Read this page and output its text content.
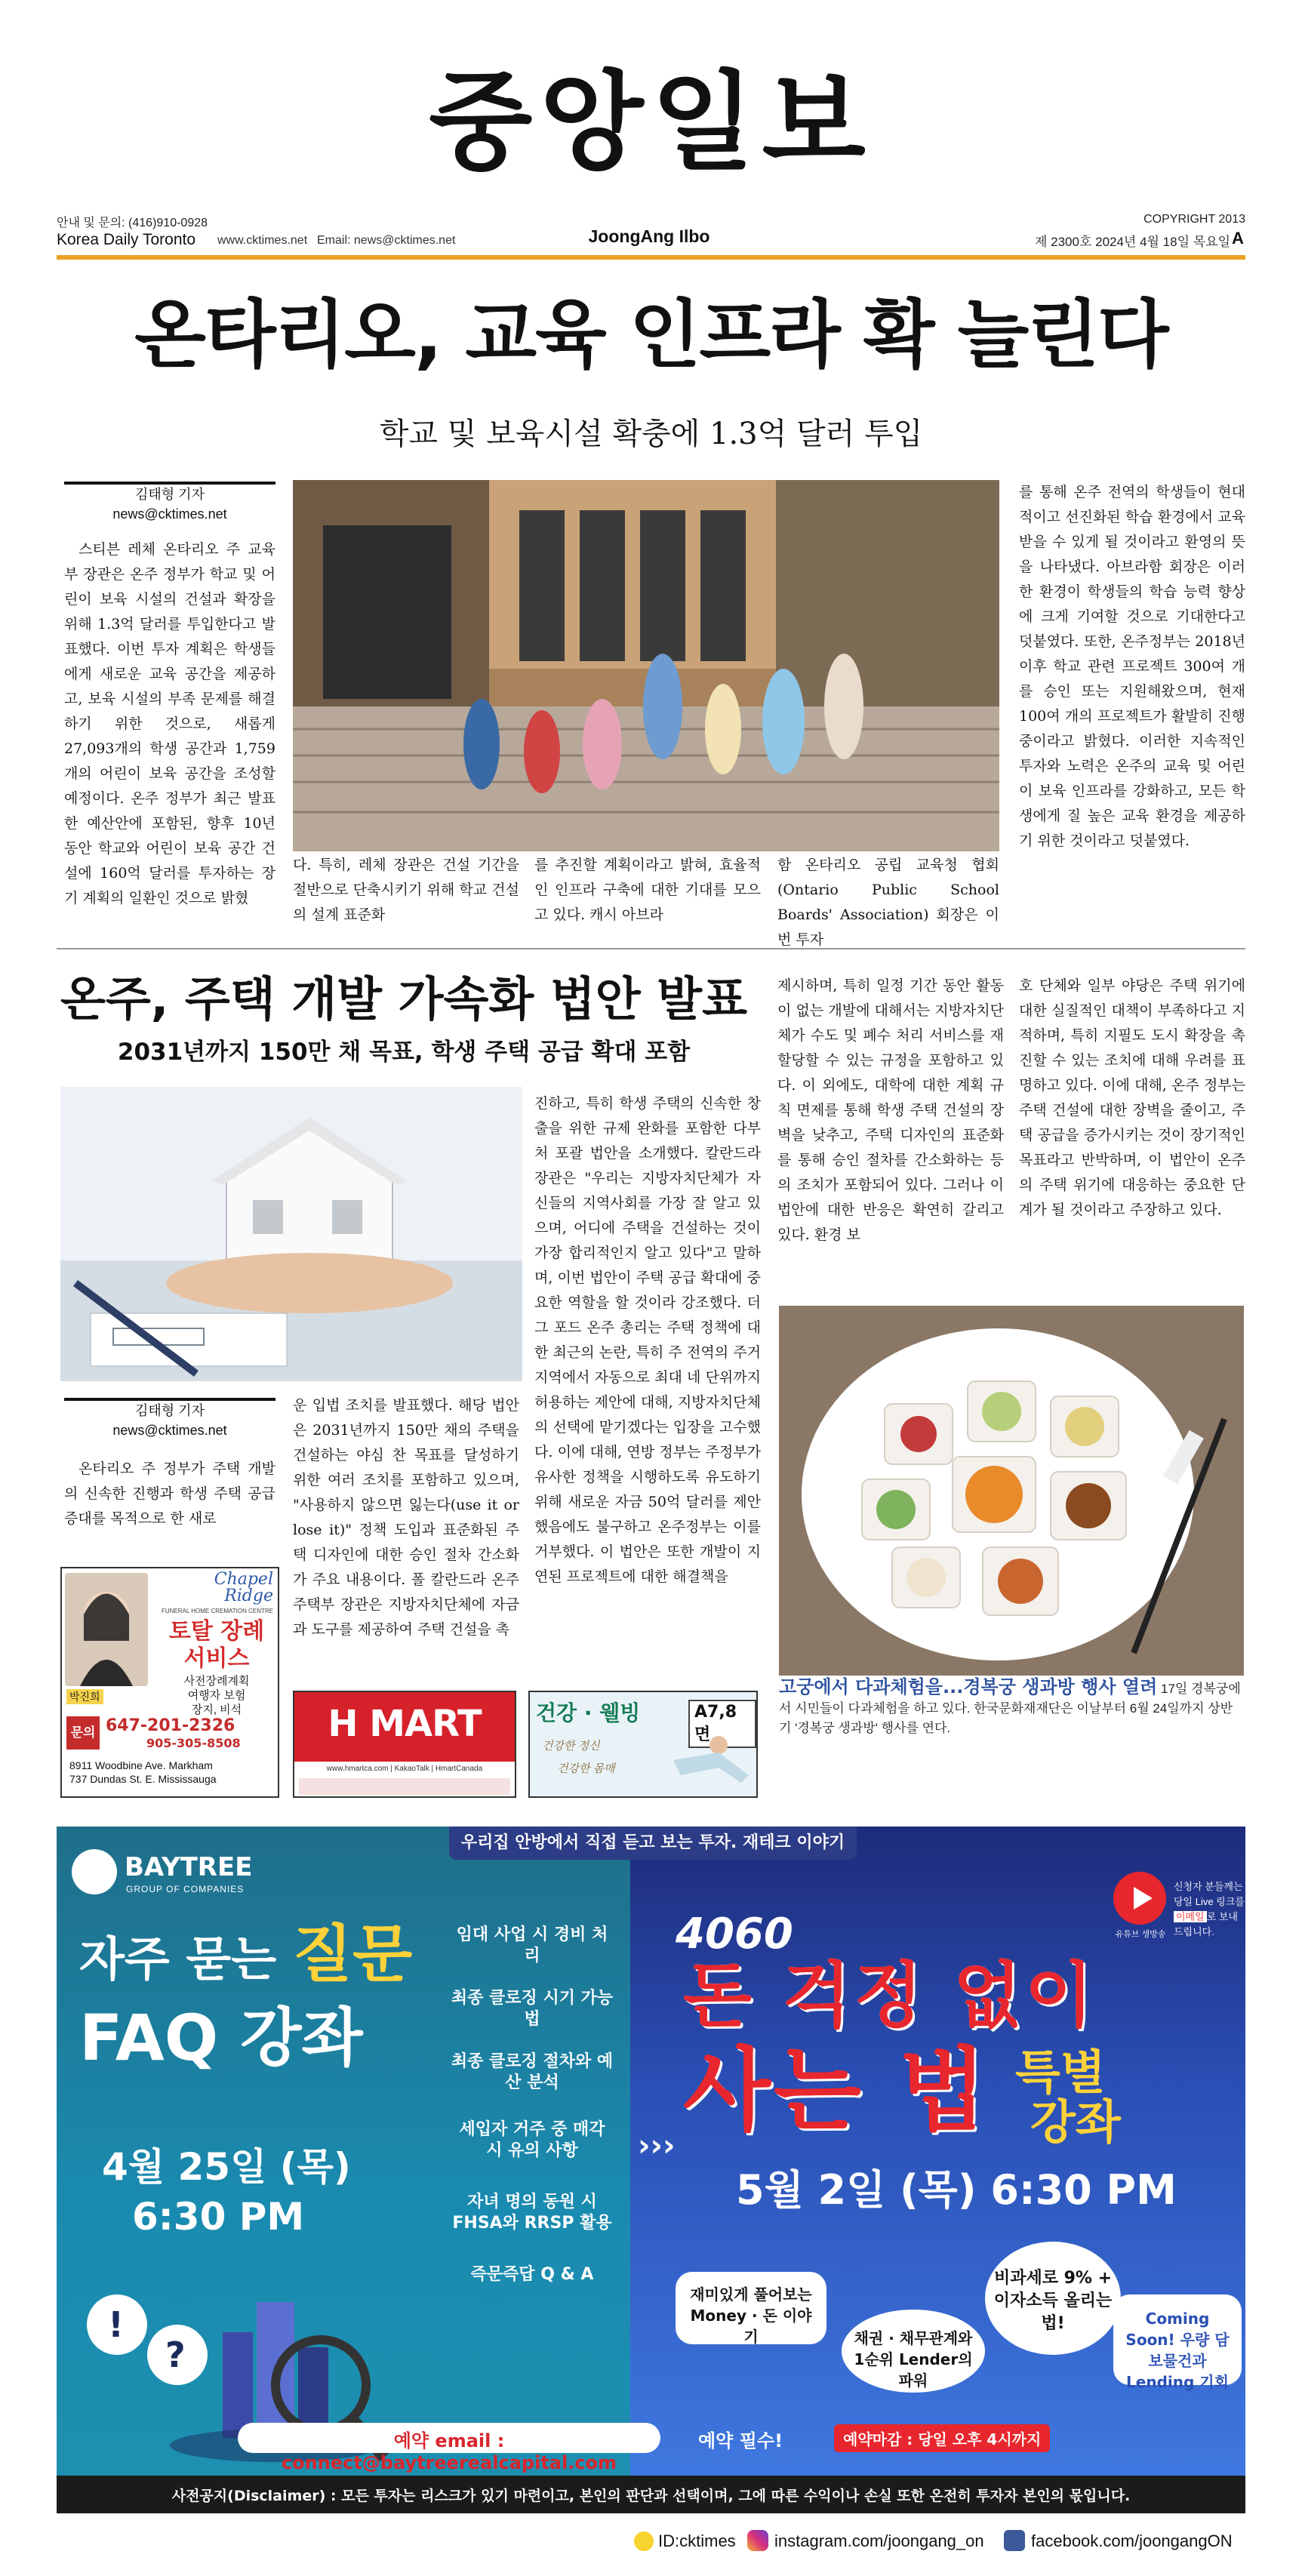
중앙일보
안내 및 문의: (416)910-0928
Korea Daily Toronto www.cktimes.net Email: news@cktimes.net	JoongAng Ilbo
COPYRIGHT 2013
제 2300호 2024년 4월 18일 목요일 A
온타리오, 교육 인프라 확 늘린다
학교 및 보육시설 확충에 1.3억 달러 투입
김태형 기자
news@cktimes.net

스티븐 레체 온타리오 주 교육부 장관은 온주 정부가 학교 및 어린이 보육 시설의 건설과 확장을 위해 1.3억 달러를 투입한다고 발표했다. 이번 투자 계획은 학생들에게 새로운 교육 공간을 제공하고, 보육 시설의 부족 문제를 해결하기 위한 것으로, 새롭게 27,093개의 학생 공간과 1,759개의 어린이 보육 공간을 조성할 예정이다. 온주 정부가 최근 발표한 예산안에 포함된, 향후 10년 동안 학교와 어린이 보육 공간 건설에 160억 달러를 투자하는 장기 계획의 일환인 것으로 밝혔

다. 특히, 레체 장관은 건설 기간을 절반으로 단축시키기 위해 학교 건설의 설계 표준화

를 추진할 계획이라고 밝혀, 효율적인 인프라 구축에 대한 기대를 모으고 있다. 캐시 아브라

함 온타리오 공립 교육청 협회 (Ontario Public School Boards' Association) 회장은 이번 투자

를 통해 온주 전역의 학생들이 현대적이고 선진화된 학습 환경에서 교육받을 수 있게 될 것이라고 환영의 뜻을 나타냈다. 아브라함 회장은 이러한 환경이 학생들의 학습 능력 향상에 크게 기여할 것으로 기대한다고 덧붙였다. 또한, 온주정부는 2018년 이후 학교 관련 프로젝트 300여 개를 승인 또는 지원해왔으며, 현재 100여 개의 프로젝트가 활발히 진행 중이라고 밝혔다. 이러한 지속적인 투자와 노력은 온주의 교육 및 어린이 보육 인프라를 강화하고, 모든 학생에게 질 높은 교육 환경을 제공하기 위한 것이라고 덧붙였다.

온주, 주택 개발 가속화 법안 발표
2031년까지 150만 채 목표, 학생 주택 공급 확대 포함
김태형 기자
news@cktimes.net

온타리오 주 정부가 주택 개발의 신속한 진행과 학생 주택 공급 증대를 목적으로 한 새로

운 입법 조치를 발표했다. 해당 법안은 2031년까지 150만 채의 주택을 건설하는 야심 찬 목표를 달성하기 위한 여러 조치를 포함하고 있으며, "사용하지 않으면 잃는다(use it or lose it)" 정책 도입과 표준화된 주택 디자인에 대한 승인 절차 간소화가 주요 내용이다. 폴 칼란드라 온주 주택부 장관은 지방자치단체에 자금과 도구를 제공하여 주택 건설을 촉

진하고, 특히 학생 주택의 신속한 창출을 위한 규제 완화를 포함한 다부처 포괄 법안을 소개했다. 칼란드라 장관은 "우리는 지방자치단체가 자신들의 지역사회를 가장 잘 알고 있으며, 어디에 주택을 건설하는 것이 가장 합리적인지 알고 있다"고 말하며, 이번 법안이 주택 공급 확대에 중요한 역할을 할 것이라 강조했다. 더그 포드 온주 총리는 주택 정책에 대한 최근의 논란, 특히 주 전역의 주거지역에서 자동으로 최대 네 단위까지 허용하는 제안에 대해, 지방자치단체의 선택에 맡기겠다는 입장을 고수했다. 이에 대해, 연방 정부는 주정부가 유사한 정책을 시행하도록 유도하기 위해 새로운 자금 50억 달러를 제안했음에도 불구하고 온주정부는 이를 거부했다. 이 법안은 또한 개발이 지연된 프로젝트에 대한 해결책을

제시하며, 특히 일정 기간 동안 활동이 없는 개발에 대해서는 지방자치단체가 수도 및 폐수 처리 서비스를 재할당할 수 있는 규정을 포함하고 있다. 이 외에도, 대학에 대한 계획 규칙 면제를 통해 학생 주택 건설의 장벽을 낮추고, 주택 디자인의 표준화를 통해 승인 절차를 간소화하는 등의 조치가 포함되어 있다. 그러나 이 법안에 대한 반응은 확연히 갈리고 있다. 환경 보

호 단체와 일부 야당은 주택 위기에 대한 실질적인 대책이 부족하다고 지적하며, 특히 지필도 도시 확장을 촉진할 수 있는 조치에 대해 우려를 표명하고 있다. 이에 대해, 온주 정부는 주택 건설에 대한 장벽을 줄이고, 주택 공급을 증가시키는 것이 장기적인 목표라고 반박하며, 이 법안이 온주의 주택 위기에 대응하는 중요한 단계가 될 것이라고 주장하고 있다.

고궁에서 다과체험을...경복궁 생과방 행사 열려 17일 경복궁에서 시민들이 다과체험을 하고 있다. 한국문화재재단은 이날부터 6월 24일까지 상반기 '경복궁 생과방' 행사를 연다.
Chapel
Ridge
FUNERAL HOME CREMATION CENTRE
토탈 장례
서비스
사전장례계획
여행자 보험
장지, 비석
박진희
문의 647-201-2326
905-305-8508
8911 Woodbine Ave. Markham
737 Dundas St. E. Mississauga
H MART
www.hmartca.com | KakaoTalk | HmartCanada
건강 · 웰빙	A7,8면
건강한 정신
건강한 몸매
우리집 안방에서 직접 듣고 보는 투자. 재테크 이야기
BAYTREE
GROUP OF COMPANIES
자주 묻는 질문
FAQ 강좌
4월 25일 (목)
6:30 PM
임대 사업 시 경비 처리
최종 클로징 시기 가능법
최종 클로징 절차와 예산 분석
세입자 거주 중 매각 시 유의 사항
자녀 명의 동원 시 FHSA와 RRSP 활용
즉문즉답 Q & A
!
?
›››
4060
돈 걱정 없이
사는 법 특별
강좌
5월 2일 (목) 6:30 PM
유튜브 생방송
신청자 분들께는
당일 Live 링크를
이메일 로 보내드립니다.
재미있게 풀어보는 Money · 돈 이야기	채권 · 채무관계와 1순위 Lender의 파워
비과세로 9% + 이자소득 올리는 법!	Coming Soon! 우량 담보물건과 Lending 기회
예약 email : connect@baytreerealcapital.com
예약 필수!	예약마감 : 당일 오후 4시까지
사전공지(Disclaimer) : 모든 투자는 리스크가 있기 마련이고, 본인의 판단과 선택이며, 그에 따른 수익이나 손실 또한 온전히 투자자 본인의 몫입니다.
ID:cktimes instagram.com/joongang_on	facebook.com/joongangON
